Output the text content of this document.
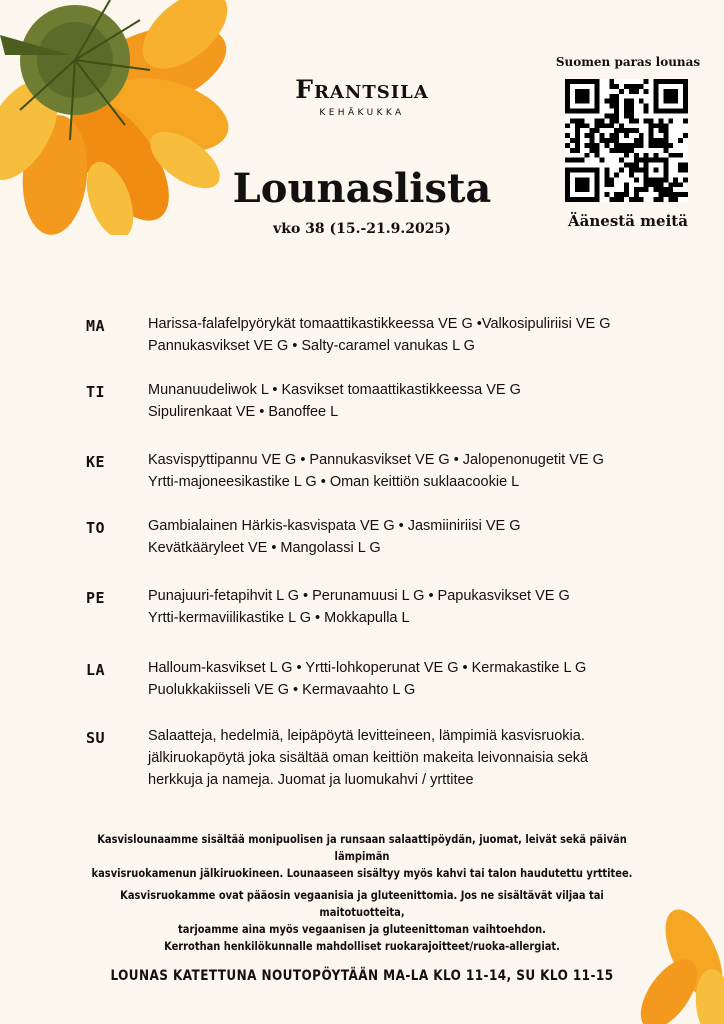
Frantsila
KEHÄKUKKA
Lounaslista
vko 38 (15.-21.9.2025)
Suomen paras lounas
Äänestä meitä
MA	Harissa-falafelpyörykät tomaattikastikkeessa VE G •Valkosipuliriisi VE G
Pannukasvikset VE G • Salty-caramel vanukas L G
TI	Munanuudeliwok L • Kasvikset tomaattikastikkeessa VE G
Sipulirenkaat VE • Banoffee L
KE	Kasvispyttipannu VE G • Pannukasvikset VE G • Jalopenonugetit VE G
Yrtti-majoneesikastike L G • Oman keittiön suklaacookie L
TO	Gambialainen Härkis-kasvispata VE G • Jasmiiniriisi VE G
Kevätkääryleet VE • Mangolassi L G
PE	Punajuuri-fetapihvit L G • Perunamuusi L G • Papukasvikset VE G
Yrtti-kermaviilikastike L G • Mokkapulla L
LA	Halloum-kasvikset L G • Yrtti-lohkoperunat VE G • Kermakastike L G
Puolukkakiisseli VE G • Kermavaahto L G
SU	Salaatteja, hedelmiä, leipäpöytä levitteineen, lämpimiä kasvisruokia.
jälkiruokapöytä joka sisältää oman keittiön makeita leivonnaisia sekä
herkkuja ja nameja. Juomat ja luomukahvi / yrttitee
Kasvislounaamme sisältää monipuolisen ja runsaan salaattipöydän, juomat, leivät sekä päivän lämpimän
kasvisruokamenun jälkiruokineen. Lounaaseen sisältyy myös kahvi tai talon haudutettu yrttitee.
Kasvisruokamme ovat pääosin vegaanisia ja gluteenittomia. Jos ne sisältävät viljaa tai maitotuotteita,
tarjoamme aina myös vegaanisen ja gluteenittoman vaihtoehdon.
Kerrothan henkilökunnalle mahdolliset ruokarajoitteet/ruoka-allergiat.
LOUNAS KATETTUNA NOUTOPÖYTÄÄN MA-LA KLO 11-14, SU KLO 11-15
